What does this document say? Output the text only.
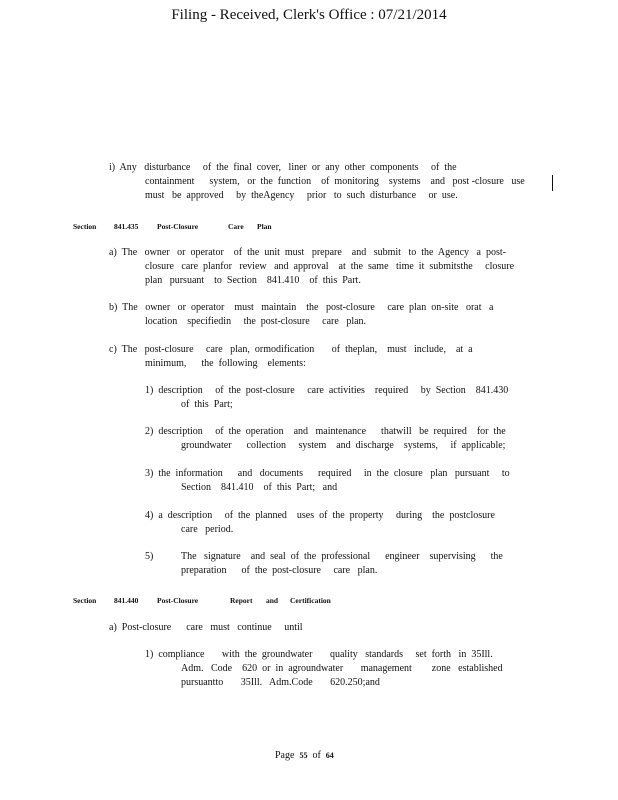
Filing - Received, Clerk's Office : 07/21/2014

i)  Any   disturbance     of  the  final  cover,   liner  or  any  other  components     of  the

containment      system,   or  the  function    of  monitoring    systems    and   post -closure   use

must   be  approved     by  theAgency     prior   to  such  disturbance     or  use.

Section 841.435 Post-Closure	Care Plan

a)  The   owner   or  operator    of  the  unit  must   prepare    and   submit   to  the  Agency   a  post-

closure   care  planfor   review   and  approval    at  the  same   time  it  submitsthe     closure

plan   pursuant    to  Section    841.410    of  this  Part.

b)  The   owner   or  operator    must   maintain    the   post-closure     care  plan  on-site   orat   a

location    specifiedin     the  post-closure     care   plan.

c)  The   post-closure     care   plan,  ormodification       of  theplan,    must   include,    at  a

minimum,      the  following    elements:

1)  description     of  the  post-closure     care  activities    required     by  Section    841.430

of  this  Part;

2)  description     of  the  operation    and   maintenance      thatwill   be  required    for  the

groundwater      collection     system    and  discharge    systems,     if  applicable;

3)  the  information      and   documents      required     in  the  closure   plan   pursuant     to

Section    841.410    of  this  Part;   and

4)  a  description     of  the  planned    uses  of  the  property     during    the  postclosure

care   period.

5)	The   signature    and  seal  of  the  professional      engineer    supervising      the

preparation      of  the  post-closure     care   plan.

Section 841.440 Post-Closure	Report and Certification

a)  Post-closure      care   must   continue     until

1)  compliance       with  the  groundwater       quality   standards     set  forth   in  35Ill.

Adm.   Code    620  or  in  agroundwater       management        zone   established

pursuantto       35Ill.   Adm.Code       620.250;and

Page 55 of 64
